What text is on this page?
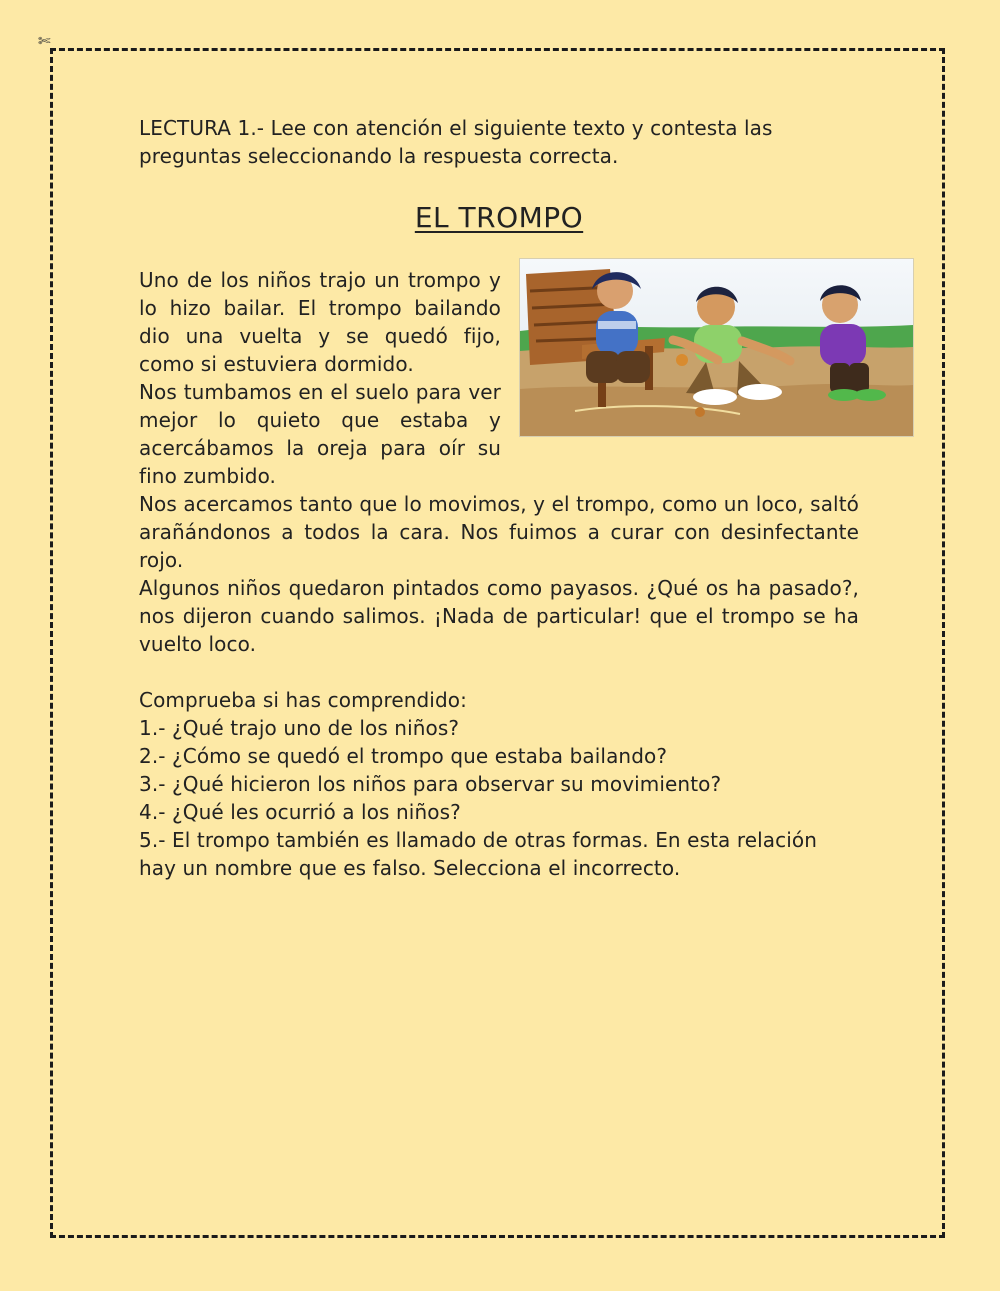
✄

LECTURA 1.- Lee con atención el siguiente texto y contesta las

preguntas seleccionando la respuesta correcta.

EL TROMPO

Uno de los niños trajo un trompo y lo hizo bailar. El trompo bailando dio una vuelta y se quedó fijo, como si estuviera dormido.

Nos tumbamos en el suelo para ver mejor lo quieto que estaba y acercábamos la oreja para oír su fino zumbido.

Nos acercamos tanto que lo movimos, y el trompo, como un loco, saltó arañándonos a todos la cara. Nos fuimos a curar con desinfectante rojo.

Algunos niños quedaron pintados como payasos. ¿Qué os ha pasado?, nos dijeron cuando salimos. ¡Nada de particular! que el trompo se ha vuelto loco.

Comprueba si has comprendido:

1.- ¿Qué trajo uno de los niños?

2.- ¿Cómo se quedó el trompo que estaba bailando?

3.- ¿Qué hicieron los niños para observar su movimiento?

4.- ¿Qué les ocurrió a los niños?

5.- El trompo también es llamado de otras formas. En esta relación hay un nombre que es falso. Selecciona el incorrecto.
